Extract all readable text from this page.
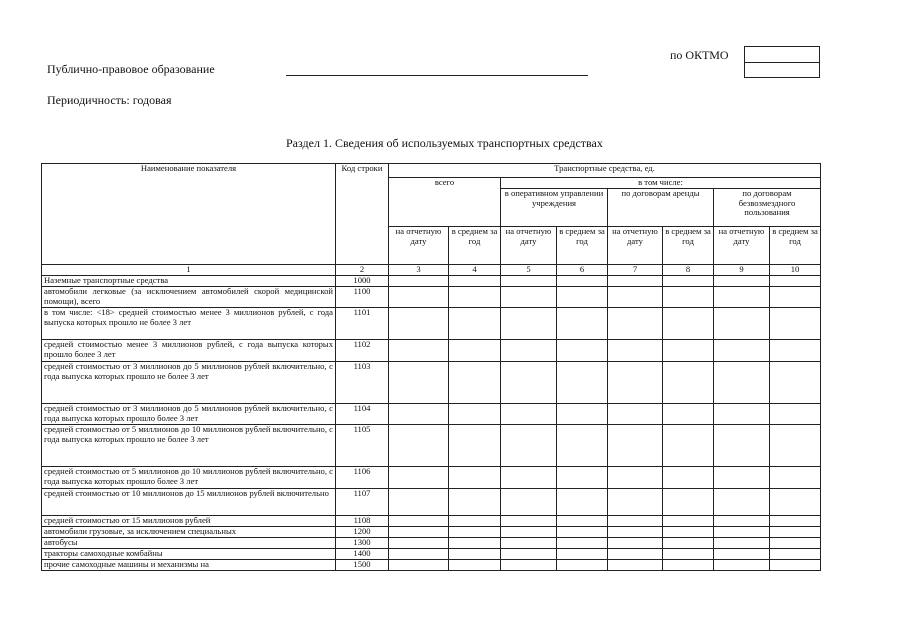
по ОКТМО
Публично-правовое образование
Периодичность: годовая
Раздел 1. Сведения об используемых транспортных средствах
Наименование показателя	Код строки	Транспортные средства, ед.							
		всего		в том числе:					
				в оперативном управлении учреждения		по договорам аренды		по договорам безвозмездного пользования	
		на отчетную дату	в среднем за год	на отчетную дату	в среднем за год	на отчетную дату	в среднем за год	на отчетную дату	в среднем за год
1	2	3	4	5	6	7	8	9	10
Наземные транспортные средства	1000								
автомобили легковые (за исключением автомобилей скорой медицинской помощи), всего	1100								
в том числе: <18> средней стоимостью менее 3 миллионов рублей, с года выпуска которых прошло не более 3 лет	1101								
средней стоимостью менее 3 миллионов рублей, с года выпуска которых прошло более 3 лет	1102								
средней стоимостью от 3 миллионов до 5 миллионов рублей включительно, с года выпуска которых прошло не более 3 лет	1103								
средней стоимостью от 3 миллионов до 5 миллионов рублей включительно, с года выпуска которых прошло более 3 лет	1104								
средней стоимостью от 5 миллионов до 10 миллионов рублей включительно, с года выпуска которых прошло не более 3 лет	1105								
средней стоимостью от 5 миллионов до 10 миллионов рублей включительно, с года выпуска которых прошло более 3 лет	1106								
средней стоимостью от 10 миллионов до 15 миллионов рублей включительно	1107								
средней стоимостью от 15 миллионов рублей	1108								
автомобили грузовые, за исключением специальных	1200								
автобусы	1300								
тракторы самоходные комбайны	1400								
прочие самоходные машины и механизмы на	1500								
